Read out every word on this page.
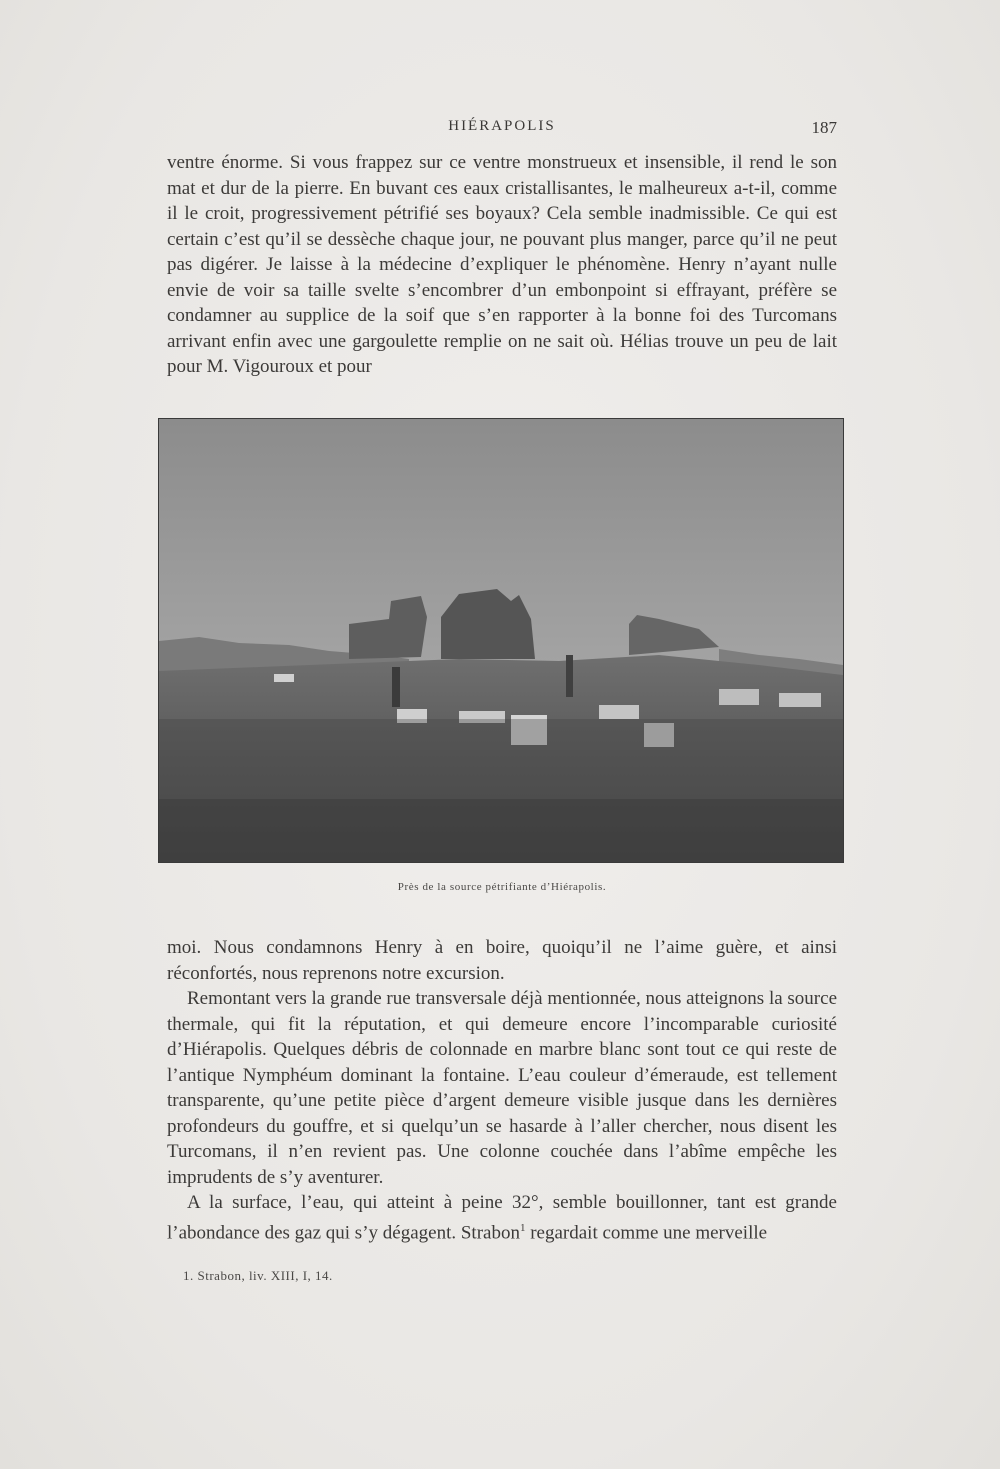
HIÉRAPOLIS	187

ventre énorme. Si vous frappez sur ce ventre monstrueux et insensible, il rend le son mat et dur de la pierre. En buvant ces eaux cristallisantes, le malheureux a-t-il, comme il le croit, progressivement pétrifié ses boyaux? Cela semble inadmissible. Ce qui est certain c’est qu’il se dessèche chaque jour, ne pouvant plus manger, parce qu’il ne peut pas digérer. Je laisse à la médecine d’expliquer le phénomène. Henry n’ayant nulle envie de voir sa taille svelte s’encombrer d’un embonpoint si effrayant, préfère se condamner au supplice de la soif que s’en rapporter à la bonne foi des Turcomans arrivant enfin avec une gargoulette remplie on ne sait où. Hélias trouve un peu de lait pour M. Vigouroux et pour

Près de la source pétrifiante d’Hiérapolis.

moi. Nous condamnons Henry à en boire, quoiqu’il ne l’aime guère, et ainsi réconfortés, nous reprenons notre excursion.

Remontant vers la grande rue transversale déjà mentionnée, nous atteignons la source thermale, qui fit la réputation, et qui demeure encore l’incomparable curiosité d’Hiérapolis. Quelques débris de colonnade en marbre blanc sont tout ce qui reste de l’antique Nymphéum dominant la fontaine. L’eau couleur d’émeraude, est tellement transparente, qu’une petite pièce d’argent demeure visible jusque dans les dernières profondeurs du gouffre, et si quelqu’un se hasarde à l’aller chercher, nous disent les Turcomans, il n’en revient pas. Une colonne couchée dans l’abîme empêche les imprudents de s’y aventurer.

A la surface, l’eau, qui atteint à peine 32°, semble bouillonner, tant est grande l’abondance des gaz qui s’y dégagent. Strabon$^1$ regardait comme une merveille

1. Strabon, liv. XIII, I, 14.
